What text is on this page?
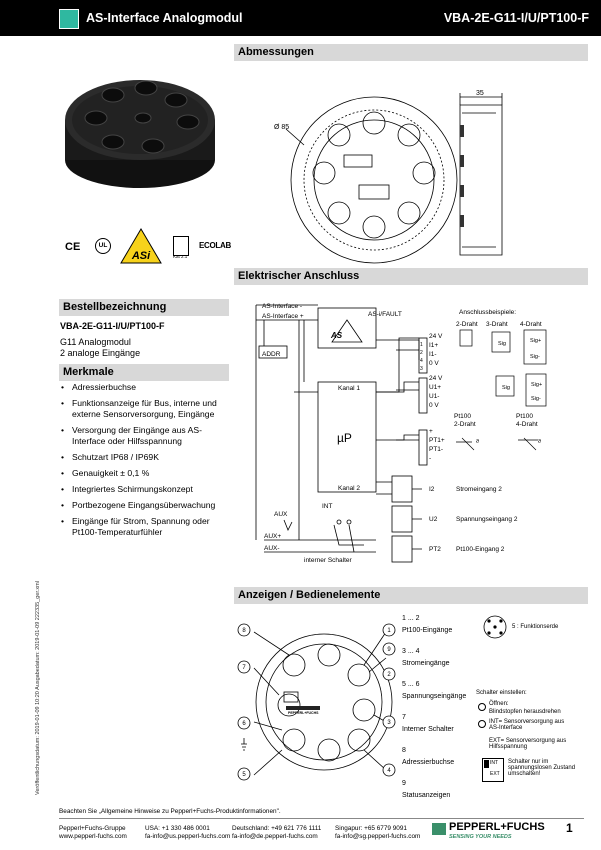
AS-Interface Analogmodul	VBA-2E-G11-I/U/PT100-F
CE	UL
ASi	Kat 2.1
ECOLAB
Abmessungen
35
Ø 85
Elektrischer Anschluss
AS
AS-Interface -
AS-Interface +	AS-i/FAULT
ADDR
Kanal 1
Kanal 2
AUX
INT
AUX+
AUX-
interner Schalter
µP
24 V
I1+
I1-
0 V
24 V
U1+
U1-
0 V
+
PT1+
PT1-
-
I2	Stromeingang 2
U2	Spannungseingang 2
PT2 Pt100-Eingang 2
1
2
4
3
Anschlussbeispiele:
2-Draht 3-Draht 4-Draht
Pt100
2-Draht
Pt100
4-Draht
Sig	Sig+
Sig-
Sig	Sig+
Sig-
ϑ	ϑ
Bestellbezeichnung
VBA-2E-G11-I/U/PT100-F
G11 Analogmodul
2 analoge Eingänge
Merkmale
• Adressierbuchse
• Funktionsanzeige für Bus, interne und externe Sensorversorgung, Eingänge
• Versorgung der Eingänge aus AS-Interface oder Hilfsspannung
• Schutzart IP68 / IP69K
• Genauigkeit ± 0,1 %
• Integriertes Schirmungskonzept
• Portbezogene Eingangsüberwachung
• Eingänge für Strom, Spannung oder Pt100-Temperaturfühler
Anzeigen / Bedienelemente
PEPPERL+FUCHS
8	1
7
9
2
6	3
5
4
1 ... 2
Pt100-Eingänge
3 ... 4
Stromeingänge
5 ... 6
Spannungseingänge
7
Interner Schalter
8
Adressierbuchse
9
Statusanzeigen
5 : Funktionserde
Schalter einstellen:
Öffnen:
Blindstopfen herausdrehen
INT= Sensorversorgung aus AS-Interface
EXT= Sensorversorgung aus Hilfsspannung
INT
EXT
Schalter nur im spannungslosen Zustand umschalten!
Veröffentlichungsdatum: 2019-01-09 10:20 Ausgabedatum: 2019-01-09 222335_ger.xml
Beachten Sie „Allgemeine Hinweise zu Pepperl+Fuchs-Produktinformationen".
Pepperl+Fuchs-Gruppe
www.pepperl-fuchs.com
USA: +1 330 486 0001
fa-info@us.pepperl-fuchs.com
Deutschland: +49 621 776 1111
fa-info@de.pepperl-fuchs.com
Singapur: +65 6779 9091
fa-info@sg.pepperl-fuchs.com
PEPPERL+FUCHS
SENSING YOUR NEEDS
1
